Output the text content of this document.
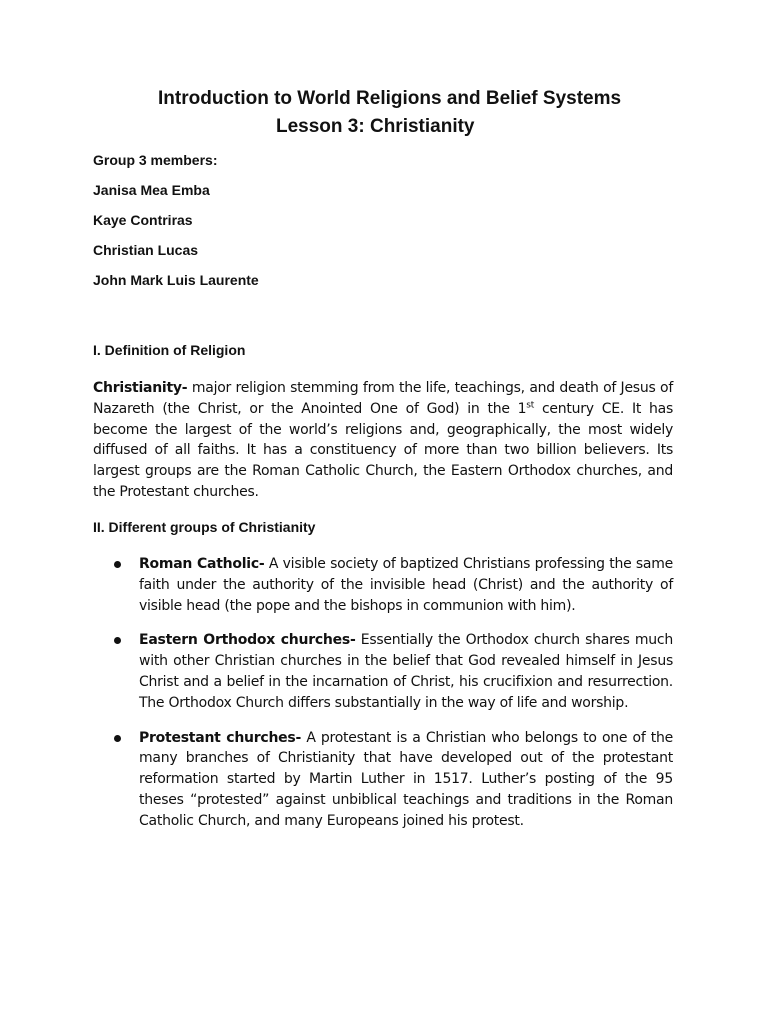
Introduction to World Religions and Belief Systems
Lesson 3: Christianity
Group 3 members:
Janisa Mea Emba
Kaye Contriras
Christian Lucas
John Mark Luis Laurente
I. Definition of Religion
Christianity- major religion stemming from the life, teachings, and death of Jesus of Nazareth (the Christ, or the Anointed One of God) in the 1st century CE. It has become the largest of the world’s religions and, geographically, the most widely diffused of all faiths. It has a constituency of more than two billion believers. Its largest groups are the Roman Catholic Church, the Eastern Orthodox churches, and the Protestant churches.
II. Different groups of Christianity
Roman Catholic- A visible society of baptized Christians professing the same faith under the authority of the invisible head (Christ) and the authority of visible head (the pope and the bishops in communion with him).
Eastern Orthodox churches- Essentially the Orthodox church shares much with other Christian churches in the belief that God revealed himself in Jesus Christ and a belief in the incarnation of Christ, his crucifixion and resurrection. The Orthodox Church differs substantially in the way of life and worship.
Protestant churches- A protestant is a Christian who belongs to one of the many branches of Christianity that have developed out of the protestant reformation started by Martin Luther in 1517. Luther’s posting of the 95 theses “protested” against unbiblical teachings and traditions in the Roman Catholic Church, and many Europeans joined his protest.
